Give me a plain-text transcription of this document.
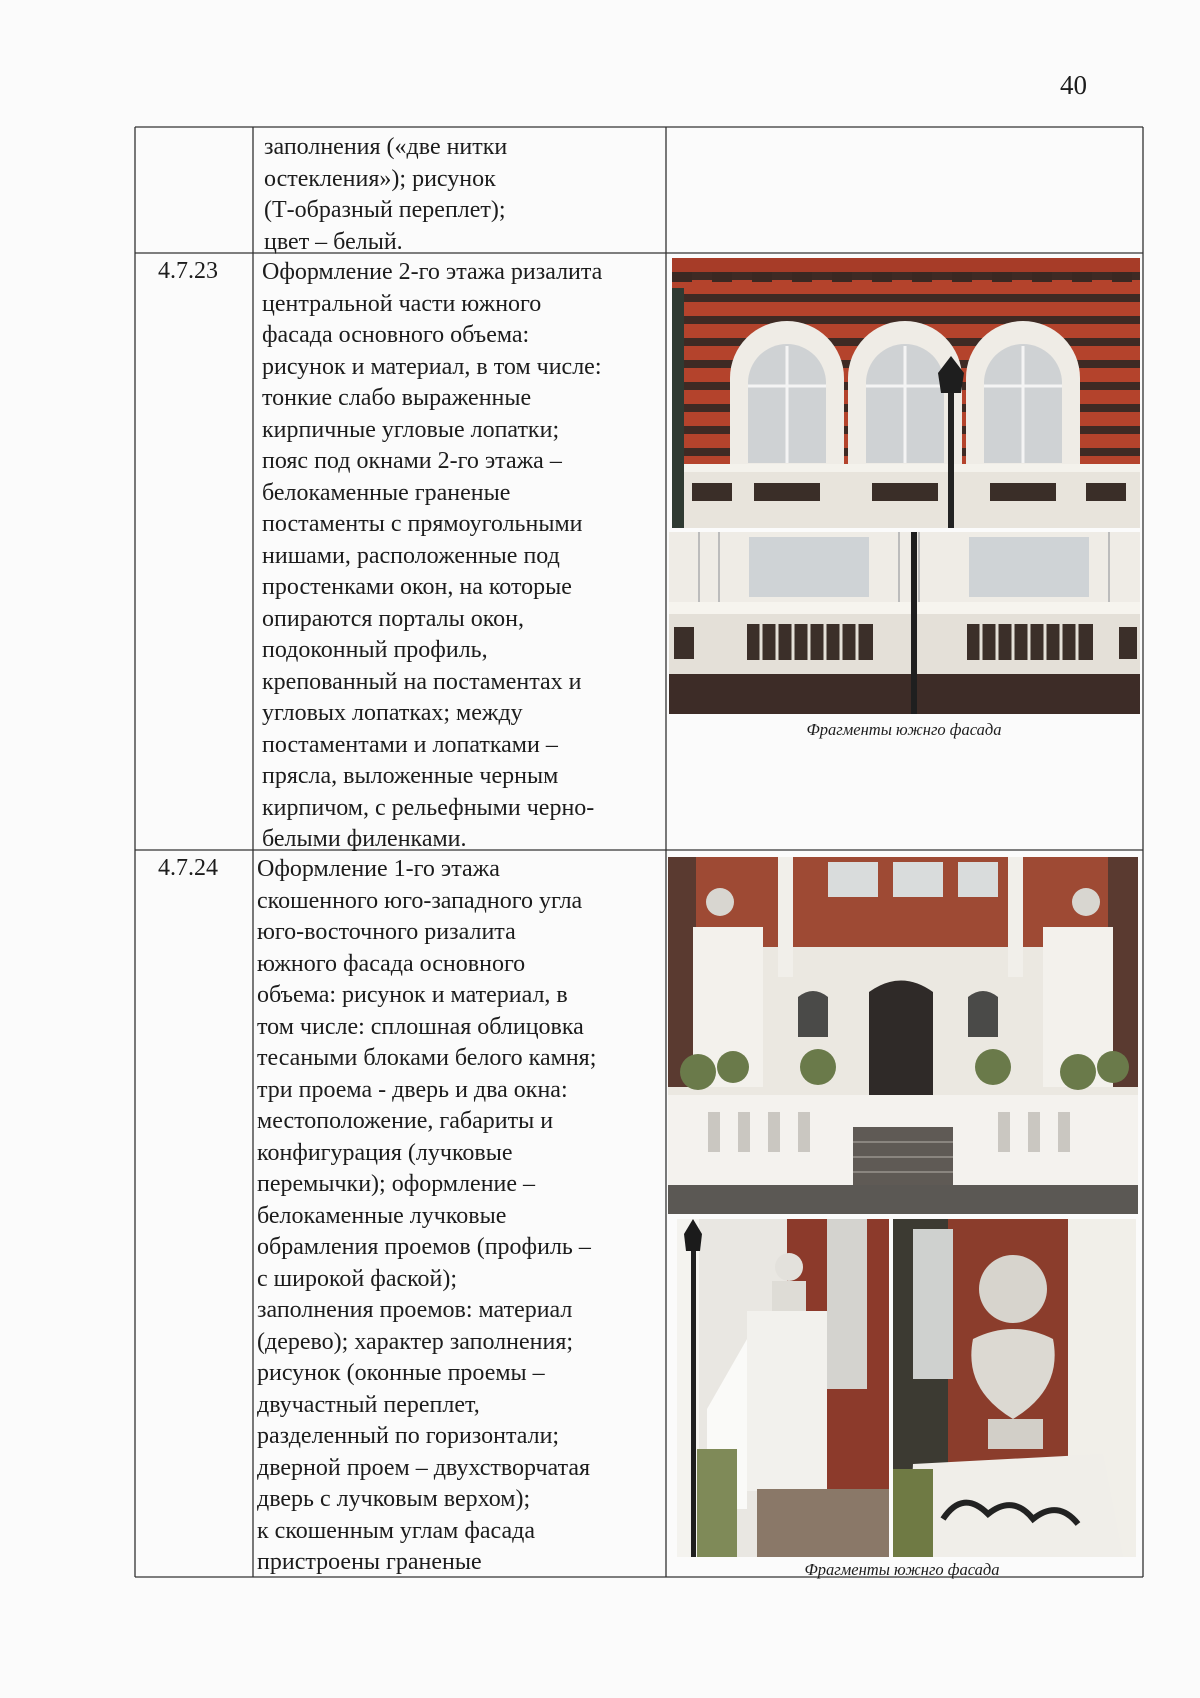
40
заполнения («две нитки
остекления»); рисунок
(Т-образный переплет);
цвет – белый.
4.7.23 Оформление 2-го этажа ризалита
центральной части южного
фасада основного объема:
рисунок и материал, в том числе:
тонкие слабо выраженные
кирпичные угловые лопатки;
пояс под окнами 2-го этажа –
белокаменные граненые
постаменты с прямоугольными
нишами, расположенные под
простенками окон, на которые
опираются порталы окон,
подоконный профиль,
крепованный на постаментах и
угловых лопатках; между
постаментами и лопатками –
прясла, выложенные черным
кирпичом, с рельефными черно-
белыми филенками.
Фрагменты южнго фасада
4.7.24 Оформление 1-го этажа
скошенного юго-западного угла
юго-восточного ризалита
южного фасада основного
объема: рисунок и материал, в
том числе: сплошная облицовка
тесаными блоками белого камня;
три проема - дверь и два окна:
местоположение, габариты и
конфигурация (лучковые
перемычки); оформление –
белокаменные лучковые
обрамления проемов (профиль –
с широкой фаской);
заполнения проемов: материал
(дерево); характер заполнения;
рисунок (оконные проемы –
двучастный переплет,
разделенный по горизонтали;
дверной проем – двухстворчатая
дверь с лучковым верхом);
к скошенным углам фасада
пристроены граненые	Фрагменты южнго фасада
